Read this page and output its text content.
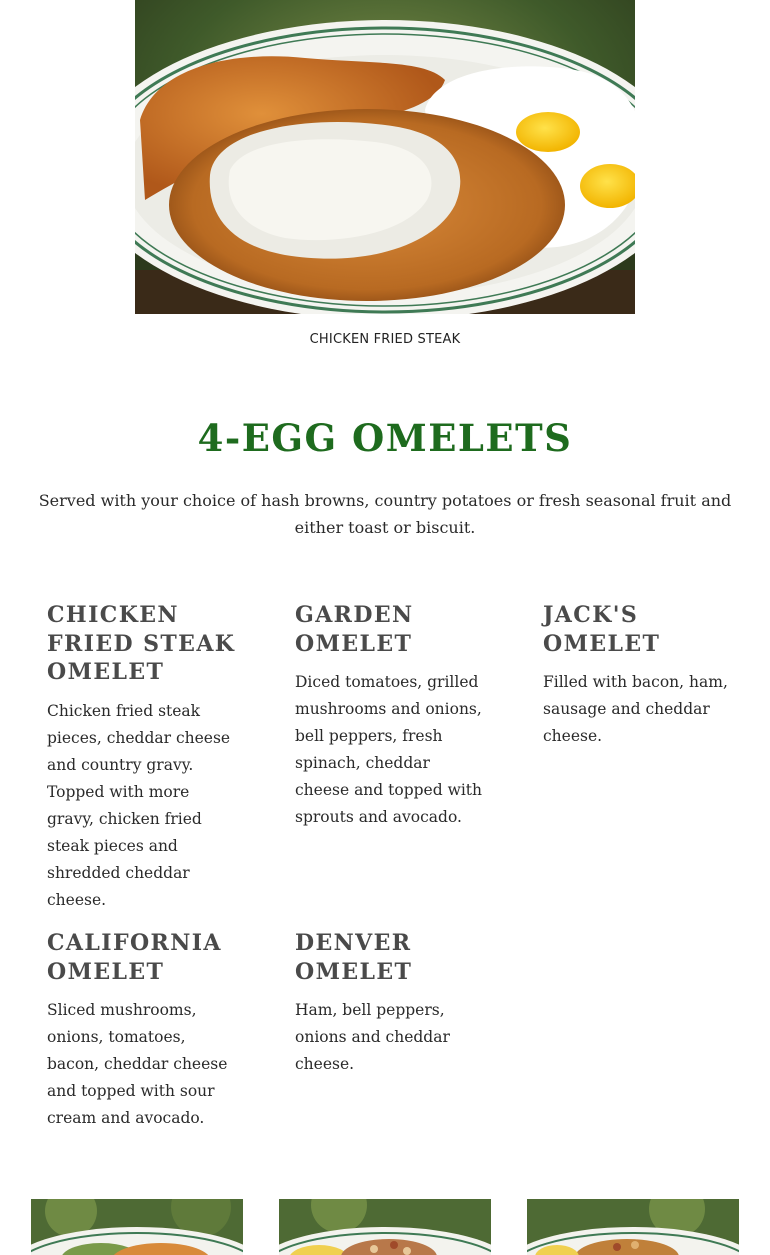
CHICKEN FRIED STEAK
4-EGG OMELETS
Served with your choice of hash browns, country potatoes or fresh seasonal fruit and either toast or biscuit.
CHICKEN FRIED STEAK OMELET

Chicken fried steak pieces, cheddar cheese and country gravy. Topped with more gravy, chicken fried steak pieces and shredded cheddar cheese.

GARDEN OMELET

Diced tomatoes, grilled mushrooms and onions, bell peppers, fresh spinach, cheddar cheese and topped with sprouts and avocado.

JACK'S OMELET

Filled with bacon, ham, sausage and cheddar cheese.

CALIFORNIA OMELET

Sliced mushrooms, onions, tomatoes, bacon, cheddar cheese and topped with sour cream and avocado.

DENVER OMELET

Ham, bell peppers, onions and cheddar cheese.
